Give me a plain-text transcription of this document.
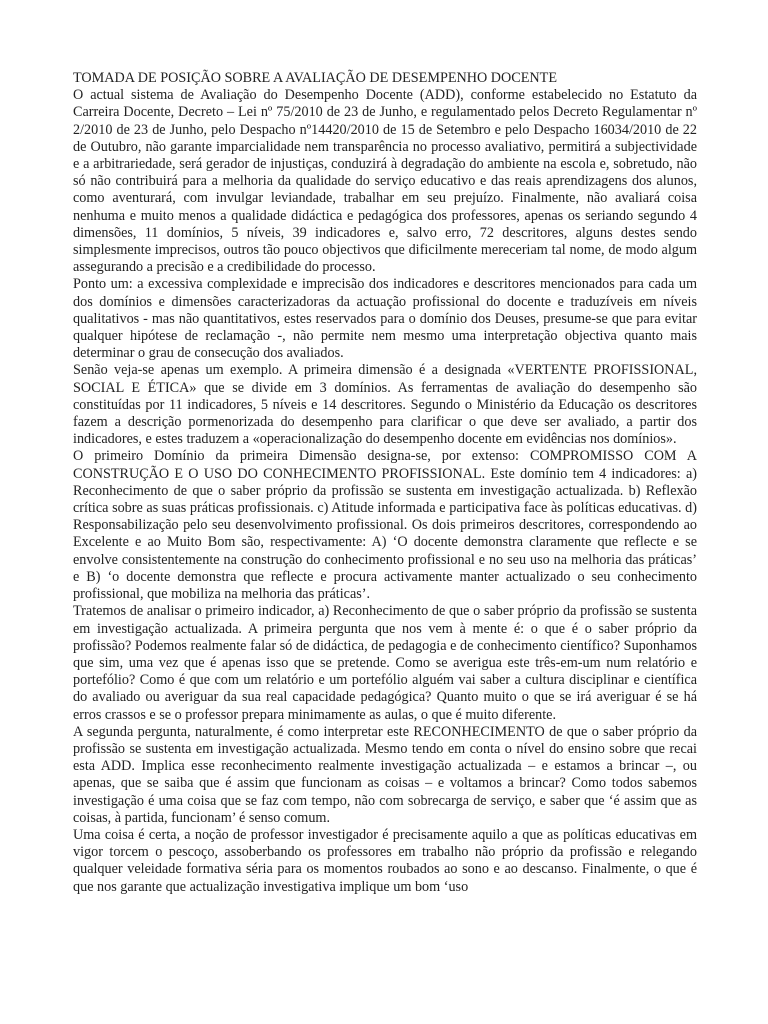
TOMADA DE POSIÇÃO SOBRE A AVALIAÇÃO DE DESEMPENHO DOCENTE

O actual sistema de Avaliação do Desempenho Docente (ADD), conforme estabelecido no Estatuto da Carreira Docente, Decreto – Lei nº 75/2010 de 23 de Junho, e regulamentado pelos Decreto Regulamentar nº 2/2010 de 23 de Junho, pelo Despacho nº14420/2010 de 15 de Setembro e pelo Despacho 16034/2010 de 22 de Outubro, não garante imparcialidade nem transparência no processo avaliativo, permitirá a subjectividade e a arbitrariedade, será gerador de injustiças, conduzirá à degradação do ambiente na escola e, sobretudo, não só não contribuirá para a melhoria da qualidade do serviço educativo e das reais aprendizagens dos alunos, como aventurará, com invulgar leviandade, trabalhar em seu prejuízo. Finalmente, não avaliará coisa nenhuma e muito menos a qualidade didáctica e pedagógica dos professores, apenas os seriando segundo 4 dimensões, 11 domínios, 5 níveis, 39 indicadores e, salvo erro, 72 descritores, alguns destes sendo simplesmente imprecisos, outros tão pouco objectivos que dificilmente mereceriam tal nome, de modo algum assegurando a precisão e a credibilidade do processo.

Ponto um: a excessiva complexidade e imprecisão dos indicadores e descritores mencionados para cada um dos domínios e dimensões caracterizadoras da actuação profissional do docente e traduzíveis em níveis qualitativos - mas não quantitativos, estes reservados para o domínio dos Deuses, presume-se que para evitar qualquer hipótese de reclamação -, não permite nem mesmo uma interpretação objectiva quanto mais determinar o grau de consecução dos avaliados.

Senão veja-se apenas um exemplo. A primeira dimensão é a designada «VERTENTE PROFISSIONAL, SOCIAL E ÉTICA» que se divide em 3 domínios. As ferramentas de avaliação do desempenho são constituídas por 11 indicadores, 5 níveis e 14 descritores. Segundo o Ministério da Educação os descritores fazem a descrição pormenorizada do desempenho para clarificar o que deve ser avaliado, a partir dos indicadores, e estes traduzem a «operacionalização do desempenho docente em evidências nos domínios».

O primeiro Domínio da primeira Dimensão designa-se, por extenso: COMPROMISSO COM A CONSTRUÇÃO E O USO DO CONHECIMENTO PROFISSIONAL. Este domínio tem 4 indicadores: a) Reconhecimento de que o saber próprio da profissão se sustenta em investigação actualizada. b) Reflexão crítica sobre as suas práticas profissionais. c) Atitude informada e participativa face às políticas educativas. d) Responsabilização pelo seu desenvolvimento profissional. Os dois primeiros descritores, correspondendo ao Excelente e ao Muito Bom são, respectivamente: A) ‘O docente demonstra claramente que reflecte e se envolve consistentemente na construção do conhecimento profissional e no seu uso na melhoria das práticas’ e B) ‘o docente demonstra que reflecte e procura activamente manter actualizado o seu conhecimento profissional, que mobiliza na melhoria das práticas’.

Tratemos de analisar o primeiro indicador, a) Reconhecimento de que o saber próprio da profissão se sustenta em investigação actualizada. A primeira pergunta que nos vem à mente é: o que é o saber próprio da profissão? Podemos realmente falar só de didáctica, de pedagogia e de conhecimento científico? Suponhamos que sim, uma vez que é apenas isso que se pretende. Como se averigua este três-em-um num relatório e portefólio? Como é que com um relatório e um portefólio alguém vai saber a cultura disciplinar e científica do avaliado ou averiguar da sua real capacidade pedagógica? Quanto muito o que se irá averiguar é se há erros crassos e se o professor prepara minimamente as aulas, o que é muito diferente.

A segunda pergunta, naturalmente, é como interpretar este RECONHECIMENTO de que o saber próprio da profissão se sustenta em investigação actualizada. Mesmo tendo em conta o nível do ensino sobre que recai esta ADD. Implica esse reconhecimento realmente investigação actualizada – e estamos a brincar –, ou apenas, que se saiba que é assim que funcionam as coisas – e voltamos a brincar? Como todos sabemos investigação é uma coisa que se faz com tempo, não com sobrecarga de serviço, e saber que ‘é assim que as coisas, à partida, funcionam’ é senso comum.

Uma coisa é certa, a noção de professor investigador é precisamente aquilo a que as políticas educativas em vigor torcem o pescoço, assoberbando os professores em trabalho não próprio da profissão e relegando qualquer veleidade formativa séria para os momentos roubados ao sono e ao descanso. Finalmente, o que é que nos garante que actualização investigativa implique um bom ‘uso
